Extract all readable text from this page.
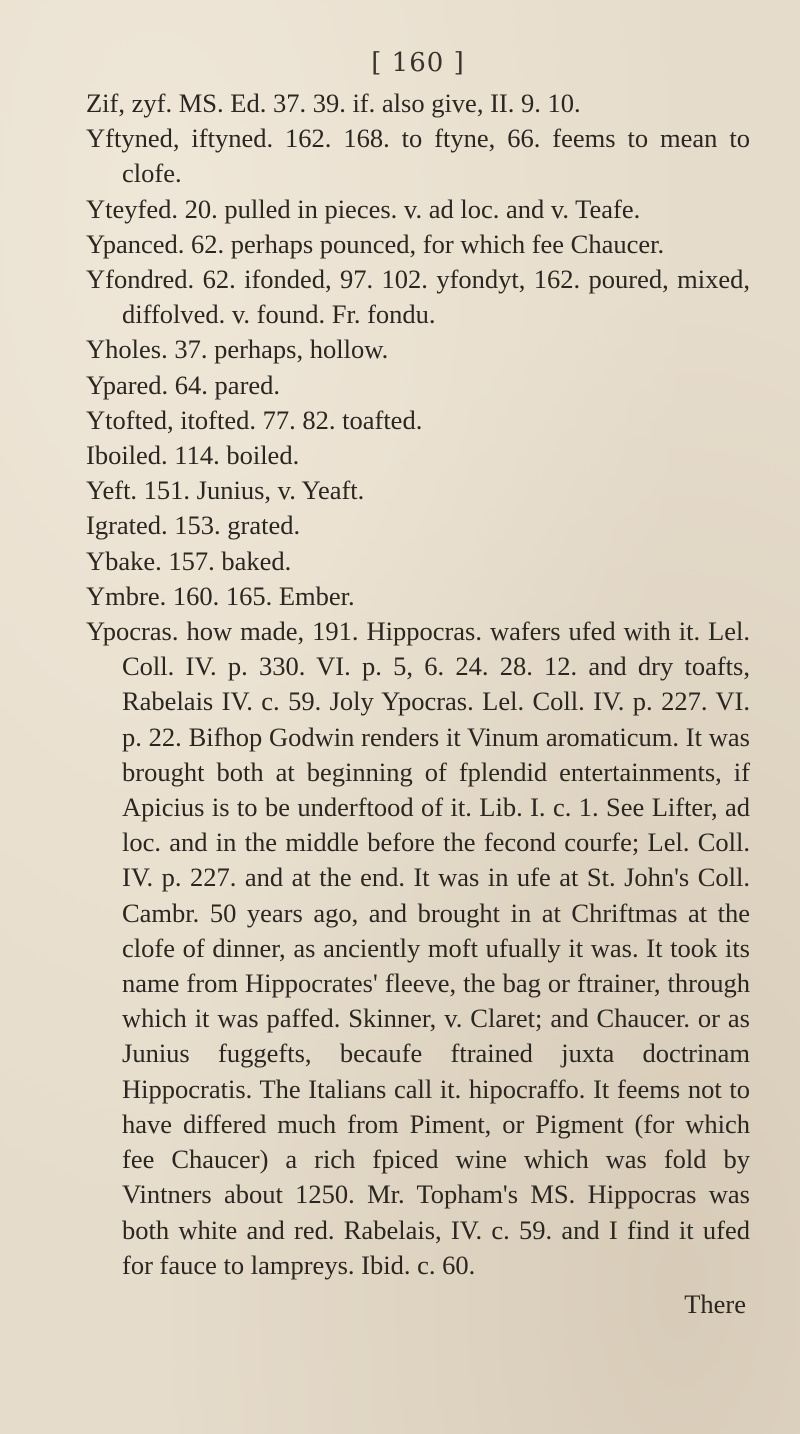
[ 160 ]

Zif, zyf. MS. Ed. 37. 39. if. also give, II. 9. 10.

Yftyned, iftyned. 162. 168. to ftyne, 66. feems to mean to clofe.

Yteyfed. 20. pulled in pieces. v. ad loc. and v. Teafe.

Ypanced. 62. perhaps pounced, for which fee Chaucer.

Yfondred. 62. ifonded, 97. 102. yfondyt, 162. poured, mixed, diffolved. v. found. Fr. fondu.

Yholes. 37. perhaps, hollow.

Ypared. 64. pared.

Ytofted, itofted. 77. 82. toafted.

Iboiled. 114. boiled.

Yeft. 151. Junius, v. Yeaft.

Igrated. 153. grated.

Ybake. 157. baked.

Ymbre. 160. 165. Ember.

Ypocras. how made, 191. Hippocras. wafers ufed with it. Lel. Coll. IV. p. 330. VI. p. 5, 6. 24. 28. 12. and dry toafts, Rabelais IV. c. 59. Joly Ypocras. Lel. Coll. IV. p. 227. VI. p. 22. Bifhop Godwin renders it Vinum aromaticum. It was brought both at beginning of fplendid entertainments, if Apicius is to be underftood of it. Lib. I. c. 1. See Lifter, ad loc. and in the middle before the fecond courfe; Lel. Coll. IV. p. 227. and at the end. It was in ufe at St. John's Coll. Cambr. 50 years ago, and brought in at Chriftmas at the clofe of dinner, as anciently moft ufually it was. It took its name from Hippocrates' fleeve, the bag or ftrainer, through which it was paffed. Skinner, v. Claret; and Chaucer. or as Junius fuggefts, becaufe ftrained juxta doctrinam Hippocratis. The Italians call it. hipocraffo. It feems not to have differed much from Piment, or Pigment (for which fee Chaucer) a rich fpiced wine which was fold by Vintners about 1250. Mr. Topham's MS. Hippocras was both white and red. Rabelais, IV. c. 59. and I find it ufed for fauce to lampreys. Ibid. c. 60.

There
